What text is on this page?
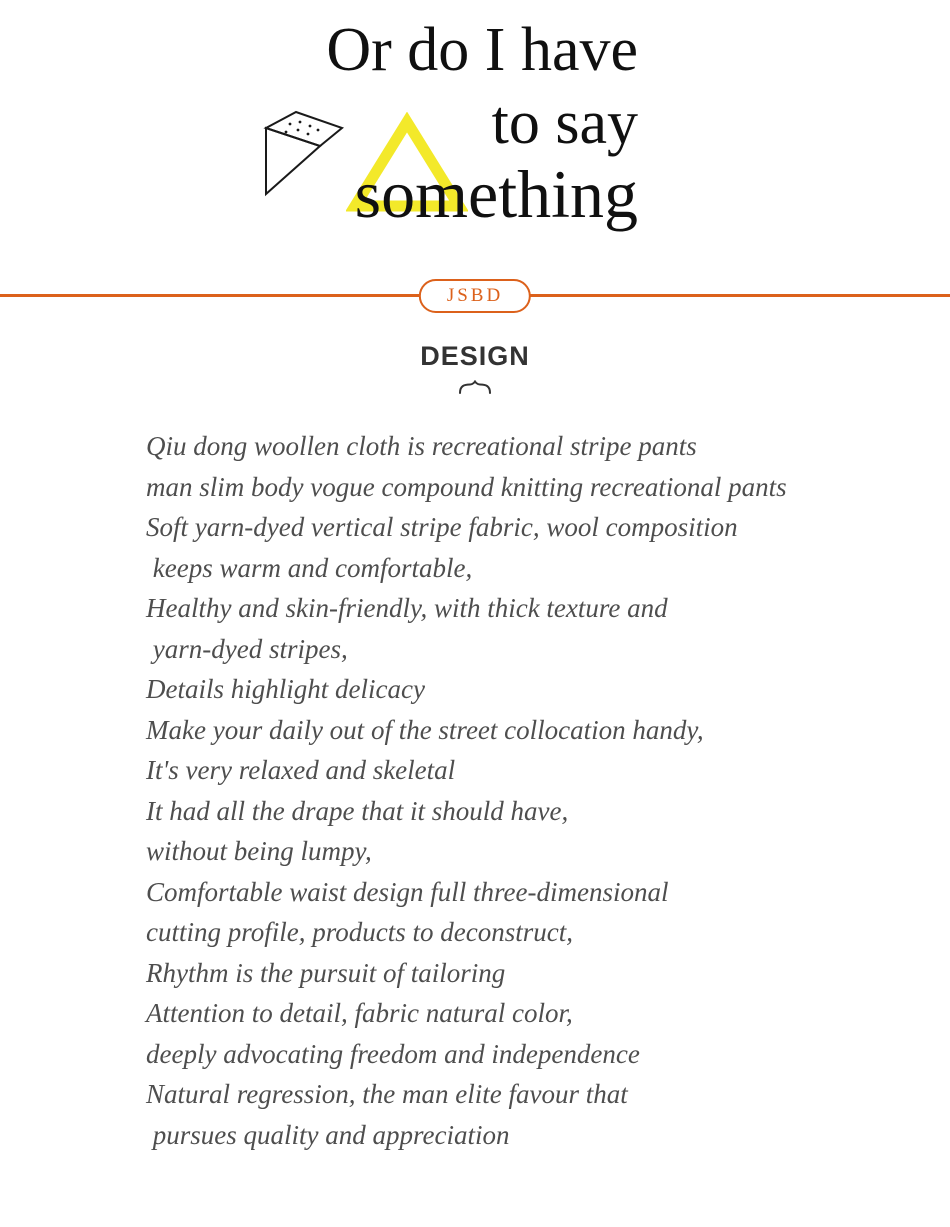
Or do I have
to say
something
JSBD
DESIGN
Qiu dong woollen cloth is recreational stripe pants
man slim body vogue compound knitting recreational pants
Soft yarn-dyed vertical stripe fabric, wool composition
keeps warm and comfortable,
Healthy and skin-friendly, with thick texture and
yarn-dyed stripes,
Details highlight delicacy
Make your daily out of the street collocation handy,
It's very relaxed and skeletal
It had all the drape that it should have,
without being lumpy,
Comfortable waist design full three-dimensional
cutting profile, products to deconstruct,
Rhythm is the pursuit of tailoring
Attention to detail, fabric natural color,
deeply advocating freedom and independence
Natural regression, the man elite favour that
pursues quality and appreciation
